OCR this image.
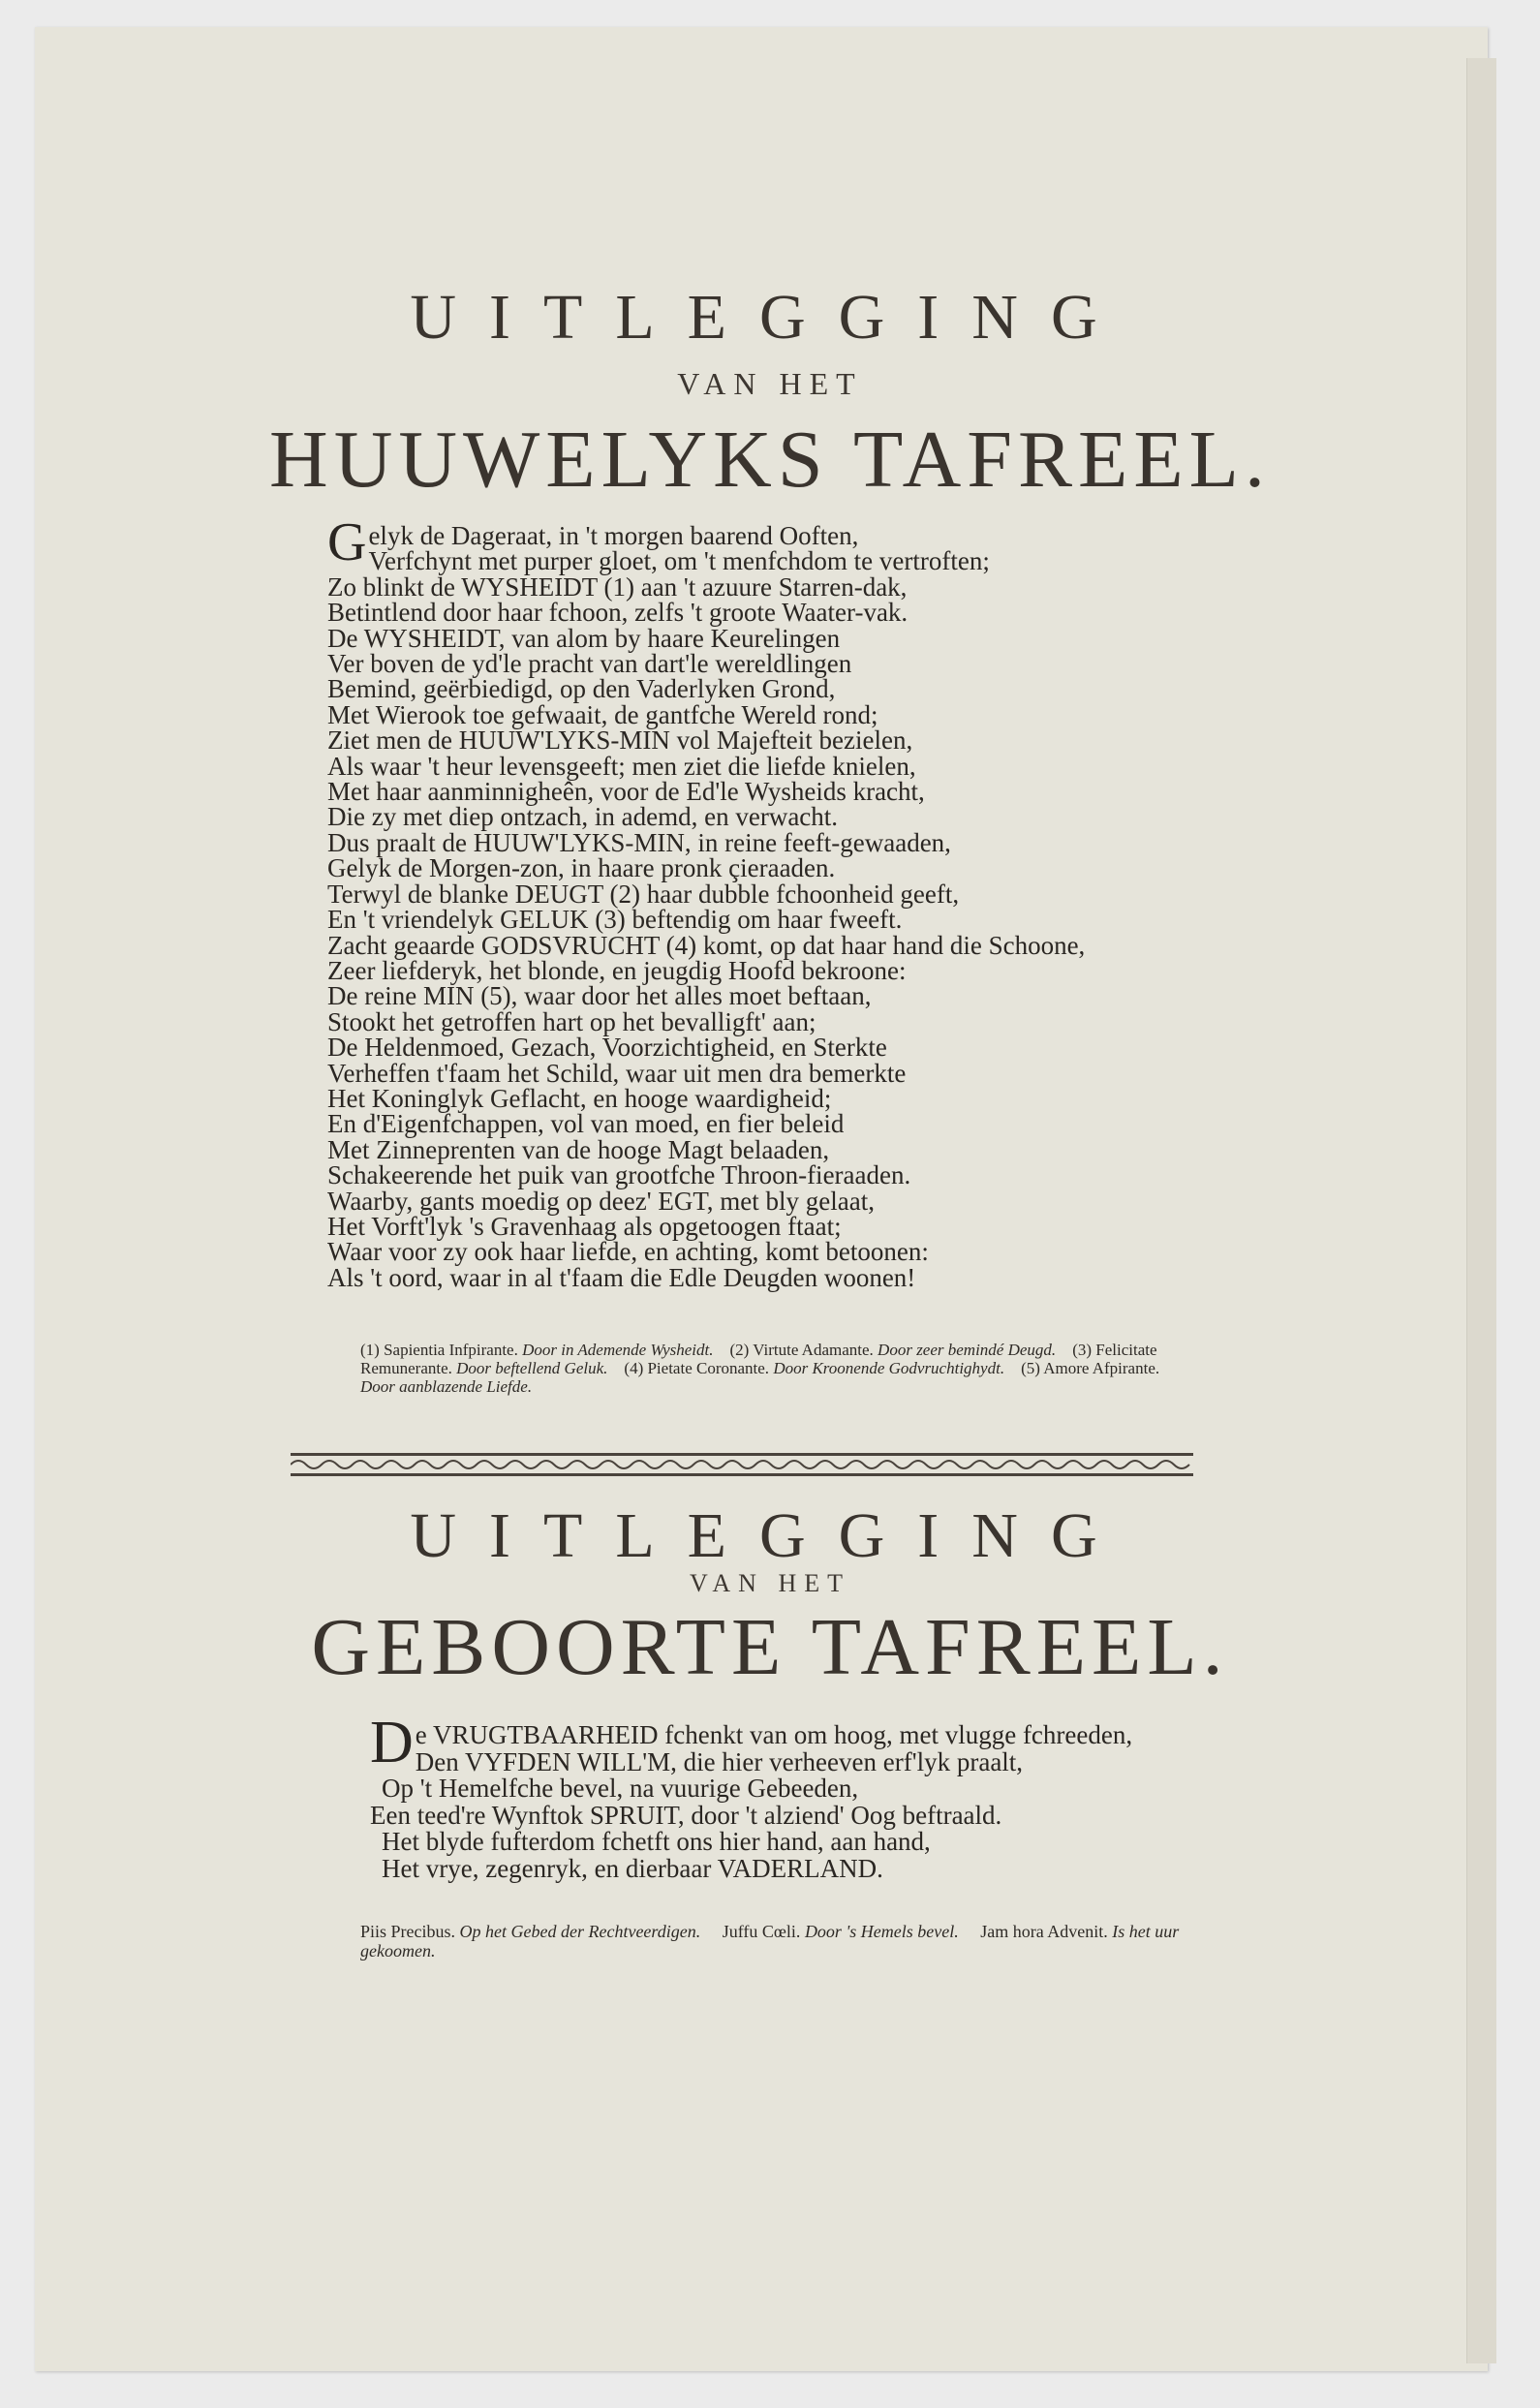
UITLEGGING
VAN HET
HUUWELYKS TAFREEL.
Gelyk de Dageraat, in 't morgen baarend Ooften,
Verfchynt met purper gloet, om 't menfchdom te vertroften;
Zo blinkt de WYSHEIDT (1) aan 't azuure Starren-dak,
Betintlend door haar fchoon, zelfs 't groote Waater-vak.
De WYSHEIDT, van alom by haare Keurelingen
Ver boven de yd'le pracht van dart'le wereldlingen
Bemind, geërbiedigd, op den Vaderlyken Grond,
Met Wierook toe gefwaait, de gantfche Wereld rond;
Ziet men de HUUW'LYKS-MIN vol Majefteit bezielen,
Als waar 't heur levensgeeft; men ziet die liefde knielen,
Met haar aanminnigheên, voor de Ed'le Wysheids kracht,
Die zy met diep ontzach, in ademd, en verwacht.
Dus praalt de HUUW'LYKS-MIN, in reine feeft-gewaaden,
Gelyk de Morgen-zon, in haare pronk çieraaden.
Terwyl de blanke DEUGT (2) haar dubble fchoonheid geeft,
En 't vriendelyk GELUK (3) beftendig om haar fweeft.
Zacht geaarde GODSVRUCHT (4) komt, op dat haar hand die Schoone,
Zeer liefderyk, het blonde, en jeugdig Hoofd bekroone:
De reine MIN (5), waar door het alles moet beftaan,
Stookt het getroffen hart op het bevalligft' aan;
De Heldenmoed, Gezach, Voorzichtigheid, en Sterkte
Verheffen t'faam het Schild, waar uit men dra bemerkte
Het Koninglyk Geflacht, en hooge waardigheid;
En d'Eigenfchappen, vol van moed, en fier beleid
Met Zinneprenten van de hooge Magt belaaden,
Schakeerende het puik van grootfche Throon-fieraaden.
Waarby, gants moedig op deez' EGT, met bly gelaat,
Het Vorft'lyk 's Gravenhaag als opgetoogen ftaat;
Waar voor zy ook haar liefde, en achting, komt betoonen:
Als 't oord, waar in al t'faam die Edle Deugden woonen!
(1) Sapientia Infpirante. Door in Ademende Wysheidt. (2) Virtute Adamante. Door zeer bemindé Deugd. (3) Felicitate Remunerante. Door beftellend Geluk. (4) Pietate Coronante. Door Kroonende Godvruchtighydt. (5) Amore Afpirante. Door aanblazende Liefde.
UITLEGGING
VAN HET
GEBOORTE TAFREEL.
De VRUGTBAARHEID fchenkt van om hoog, met vlugge fchreeden,
Den VYFDEN WILL'M, die hier verheeven erf'lyk praalt,
Op 't Hemelfche bevel, na vuurige Gebeeden,
Een teed're Wynftok SPRUIT, door 't alziend' Oog beftraald.
Het blyde fufterdom fchetft ons hier hand, aan hand,
Het vrye, zegenryk, en dierbaar VADERLAND.
Piis Precibus. Op het Gebed der Rechtveerdigen. Juffu Cœli. Door 's Hemels bevel. Jam hora Advenit. Is het uur gekoomen.
